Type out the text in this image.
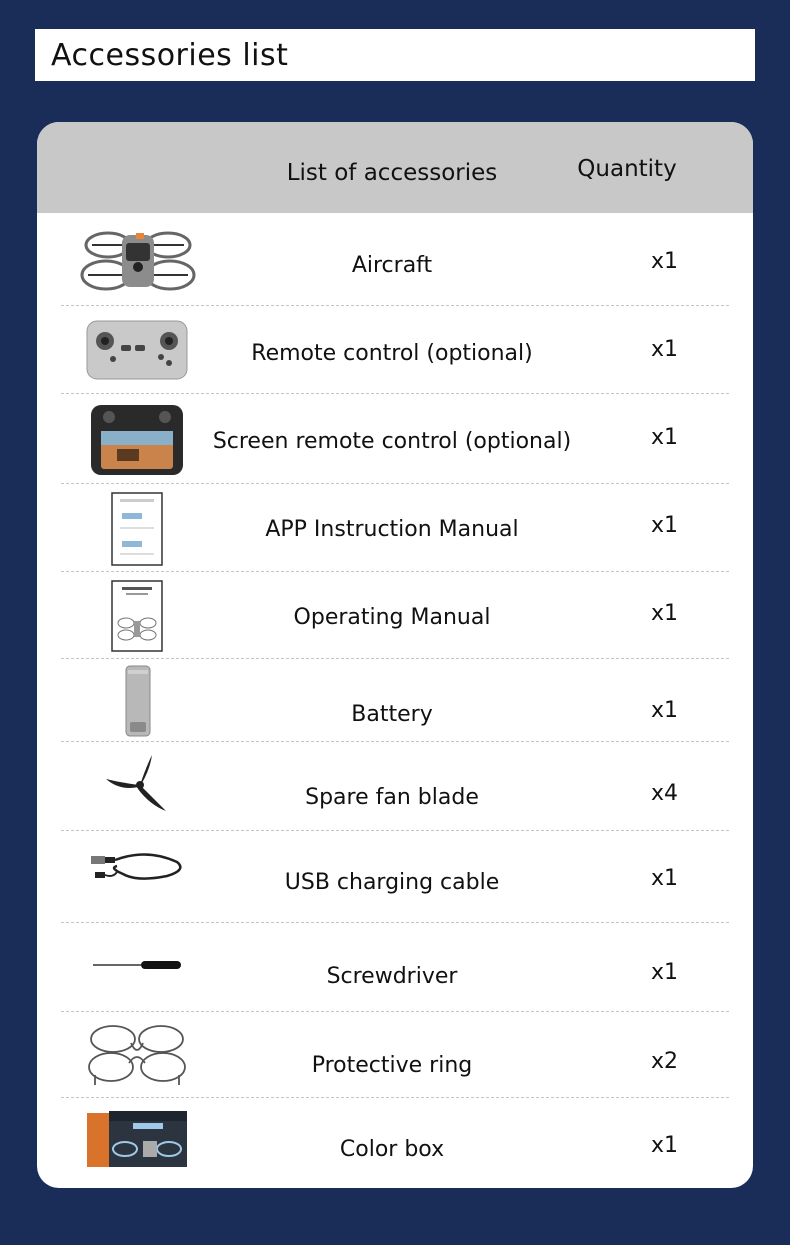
Accessories list
List of accessories	Quantity
Aircraft	x1
Remote control (optional)	x1
Screen remote control (optional)	x1
APP Instruction Manual	x1
Operating Manual	x1
Battery	x1
Spare fan blade	x4
USB charging cable	x1
Screwdriver	x1
Protective ring	x2
Color box	x1
